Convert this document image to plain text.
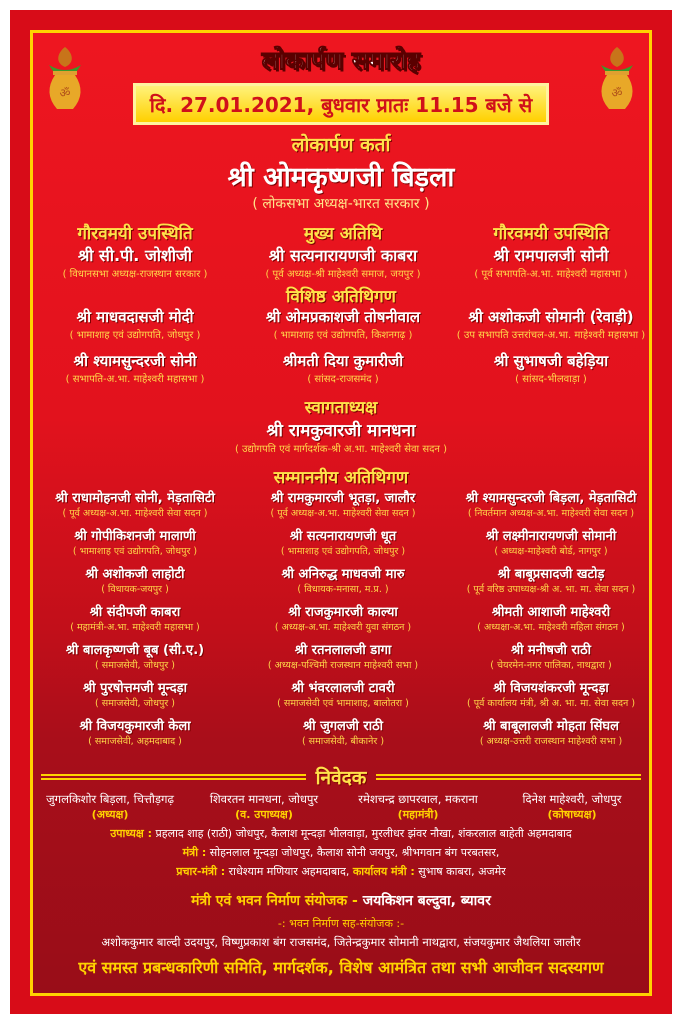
ॐ	ॐ
लोकार्पण समारोह
दि. 27.01.2021, बुधवार प्रातः 11.15 बजे से
लोकार्पण कर्ता
श्री ओमकृष्णजी बिड़ला
( लोकसभा अध्यक्ष-भारत सरकार )
गौरवमयी उपस्थिति
श्री सी.पी. जोशीजी
( विधानसभा अध्यक्ष-राजस्थान सरकार )
मुख्य अतिथि
श्री सत्यनारायणजी काबरा
( पूर्व अध्यक्ष-श्री माहेश्वरी समाज, जयपुर )
गौरवमयी उपस्थिति
श्री रामपालजी सोनी
( पूर्व सभापति-अ.भा. माहेश्वरी महासभा )
विशिष्ठ अतिथिगण
श्री माधवदासजी मोदी
( भामाशाह एवं उद्योगपति, जोधपुर )
श्री ओमप्रकाशजी तोषनीवाल
( भामाशाह एवं उद्योगपति, किशनगढ़ )
श्री अशोकजी सोमानी (रेवाड़ी)
( उप सभापति उत्तरांचल-अ.भा. माहेश्वरी महासभा )
श्री श्यामसुन्दरजी सोनी
( सभापति-अ.भा. माहेश्वरी महासभा )
श्रीमती दिया कुमारीजी
( सांसद-राजसमंद )
श्री सुभाषजी बहेड़िया
( सांसद-भीलवाड़ा )
स्वागताध्यक्ष
श्री रामकुवारजी मानधना
( उद्योगपति एवं मार्गदर्शक-श्री अ.भा. माहेश्वरी सेवा सदन )
सम्माननीय अतिथिगण
श्री राधामोहनजी सोनी, मेड़तासिटी
( पूर्व अध्यक्ष-अ.भा. माहेश्वरी सेवा सदन )
श्री रामकुमारजी भूतड़ा, जालौर
( पूर्व अध्यक्ष-अ.भा. माहेश्वरी सेवा सदन )
श्री श्यामसुन्दरजी बिड़ला, मेड़तासिटी
( निवर्तमान अध्यक्ष-अ.भा. माहेश्वरी सेवा सदन )
श्री गोपीकिशनजी मालाणी
( भामाशाह एवं उद्योगपति, जोधपुर )
श्री सत्यनारायणजी धूत
( भामाशाह एवं उद्योगपति, जोधपुर )
श्री लक्ष्मीनारायणजी सोमानी
( अध्यक्ष-माहेश्वरी बोर्ड, नागपुर )
श्री अशोकजी लाहोटी
( विधायक-जयपुर )
श्री अनिरुद्ध माधवजी मारु
( विधायक-मनासा, म.प्र. )
श्री बाबूप्रसादजी खटोड़
( पूर्व वरिष्ठ उपाध्यक्ष-श्री अ. भा. मा. सेवा सदन )
श्री संदीपजी काबरा
( महामंत्री-अ.भा. माहेश्वरी महासभा )
श्री राजकुमारजी काल्या
( अध्यक्ष-अ.भा. माहेश्वरी युवा संगठन )
श्रीमती आशाजी माहेश्वरी
( अध्यक्षा-अ.भा. माहेश्वरी महिला संगठन )
श्री बालकृष्णजी बूब (सी.ए.)
( समाजसेवी, जोधपुर )
श्री रतनलालजी डागा
( अध्यक्ष-पश्चिमी राजस्थान माहेश्वरी सभा )
श्री मनीषजी राठी
( चेयरमेन-नगर पालिका, नाथद्वारा )
श्री पुरषोत्तमजी मून्दड़ा
( समाजसेवी, जोधपुर )
श्री भंवरलालजी टावरी
( समाजसेवी एवं भामाशाह, बालोतरा )
श्री विजयशंकरजी मून्दड़ा
( पूर्व कार्यालय मंत्री, श्री अ. भा. मा. सेवा सदन )
श्री विजयकुमारजी केला
( समाजसेवी, अहमदाबाद )
श्री जुगलजी राठी
( समाजसेवी, बीकानेर )
श्री बाबूलालजी मोहता सिंघल
( अध्यक्ष-उत्तरी राजस्थान माहेश्वरी सभा )
निवेदक
जुगलकिशोर बिड़ला, चित्तौड़गढ़
(अध्यक्ष)
शिवरतन मानधना, जोधपुर
(व. उपाध्यक्ष)
रमेशचन्द्र छापरवाल, मकराना
(महामंत्री)
दिनेश माहेश्वरी, जोधपुर
(कोषाध्यक्ष)
उपाध्यक्ष : प्रहलाद शाह (राठी) जोधपुर, कैलाश मून्दड़ा भीलवाड़ा, मुरलीधर झंवर नौखा, शंकरलाल बाहेती अहमदाबाद
मंत्री : सोहनलाल मून्दड़ा जोधपुर, कैलाश सोनी जयपुर, श्रीभगवान बंग परबतसर,
प्रचार-मंत्री : राधेश्याम मणियार अहमदाबाद, कार्यालय मंत्री : सुभाष काबरा, अजमेर
मंत्री एवं भवन निर्माण संयोजक - जयकिशन बल्दुवा, ब्यावर
-: भवन निर्माण सह-संयोजक :-
अशोककुमार बाल्दी उदयपुर, विष्णुप्रकाश बंग राजसमंद, जितेन्द्रकुमार सोमानी नाथद्वारा, संजयकुमार जैथलिया जालौर
एवं समस्त प्रबन्धकारिणी समिति, मार्गदर्शक, विशेष आमंत्रित तथा सभी आजीवन सदस्यगण
